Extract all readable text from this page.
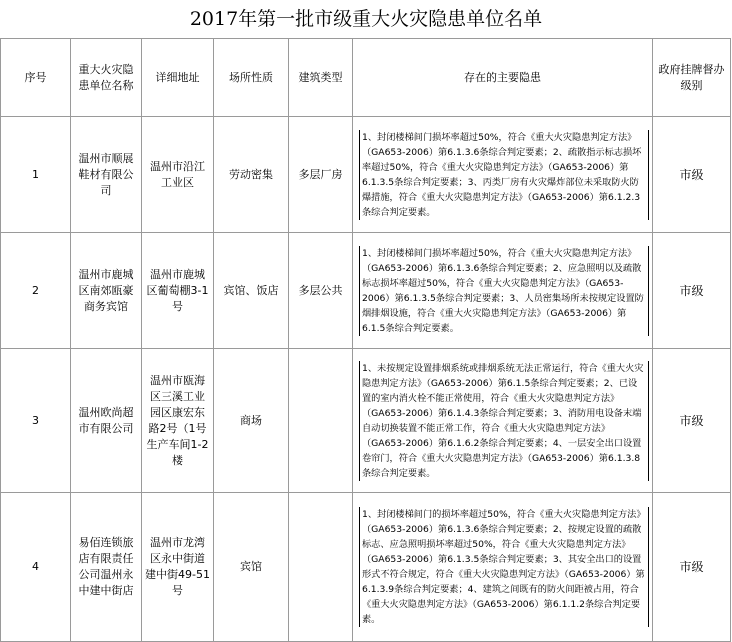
2017年第一批市级重大火灾隐患单位名单
序号	重大火灾隐患单位名称	详细地址	场所性质	建筑类型	存在的主要隐患	政府挂牌督办级别
1	温州市顺展鞋材有限公司	温州市沿江工业区	劳动密集	多层厂房	1、封闭楼梯间门损坏率超过50%，符合《重大火灾隐患判定方法》（GA653-2006）第6.1.3.6条综合判定要素；2、疏散指示标志损坏率超过50%，符合《重大火灾隐患判定方法》（GA653-2006）第6.1.3.5条综合判定要素；3、丙类厂房有火灾爆炸部位未采取防火防爆措施，符合《重大火灾隐患判定方法》（GA653-2006）第6.1.2.3条综合判定要素。	市级
2	温州市鹿城区南郊瓯豪商务宾馆	温州市鹿城区葡萄棚3-1号	宾馆、饭店	多层公共	1、封闭楼梯间门损坏率超过50%，符合《重大火灾隐患判定方法》（GA653-2006）第6.1.3.6条综合判定要素；2、应急照明以及疏散标志损坏率超过50%，符合《重大火灾隐患判定方法》（GA653-2006）第6.1.3.5条综合判定要素；3、人员密集场所未按规定设置防烟排烟设施，符合《重大火灾隐患判定方法》（GA653-2006）第6.1.5条综合判定要素。	市级
3	温州欧尚超市有限公司	温州市瓯海区三溪工业园区康宏东路2号（1号生产车间1-2楼	商场		1、未按规定设置排烟系统或排烟系统无法正常运行，符合《重大火灾隐患判定方法》（GA653-2006）第6.1.5条综合判定要素；2、已设置的室内消火栓不能正常使用，符合《重大火灾隐患判定方法》（GA653-2006）第6.1.4.3条综合判定要素；3、消防用电设备末端自动切换装置不能正常工作，符合《重大火灾隐患判定方法》（GA653-2006）第6.1.6.2条综合判定要素；4、一层安全出口设置卷帘门，符合《重大火灾隐患判定方法》（GA653-2006）第6.1.3.8条综合判定要素。	市级
4	易佰连锁旅店有限责任公司温州永中建中街店	温州市龙湾区永中街道建中街49-51号	宾馆		1、封闭楼梯间门的损坏率超过50%，符合《重大火灾隐患判定方法》（GA653-2006）第6.1.3.6条综合判定要素；2、按规定设置的疏散标志、应急照明损坏率超过50%，符合《重大火灾隐患判定方法》（GA653-2006）第6.1.3.5条综合判定要素；3、其安全出口的设置形式不符合规定，符合《重大火灾隐患判定方法》（GA653-2006）第6.1.3.9条综合判定要素；4、建筑之间既有的防火间距被占用，符合《重大火灾隐患判定方法》（GA653-2006）第6.1.1.2条综合判定要素。	市级
